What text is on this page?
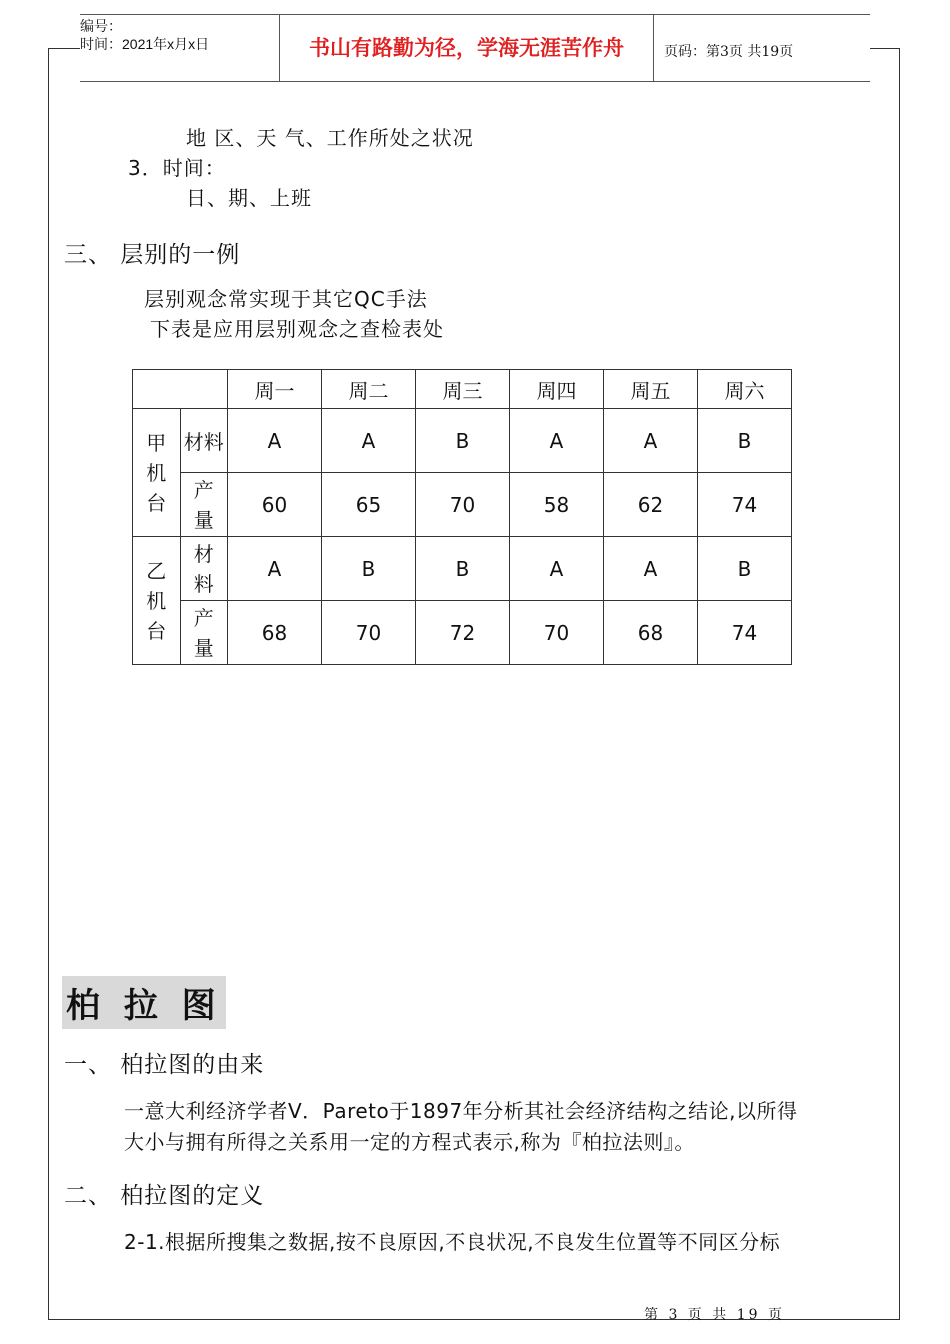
编号：
时间：2021年x月x日	书山有路勤为径，学海无涯苦作舟	页码：第3页 共19页
地 区、天 气、工作所处之状况
3．时间：
日、期、上班
三、 层别的一例
层别观念常实现于其它QC手法
下表是应用层别观念之查检表处
		周一	周二	周三	周四	周五	周六
甲机台	材料	A	A	B	A	A	B
	产量	60	65	70	58	62	74
乙机台	材料	A	B	B	A	A	B
	产量	68	70	72	70	68	74
柏 拉 图
一、 柏拉图的由来
一意大利经济学者V．Pareto于1897年分析其社会经济结构之结论,以所得
大小与拥有所得之关系用一定的方程式表示,称为『柏拉法则』。
二、 柏拉图的定义
2-1.根据所搜集之数据,按不良原因,不良状况,不良发生位置等不同区分标
第 3 页 共 19 页
